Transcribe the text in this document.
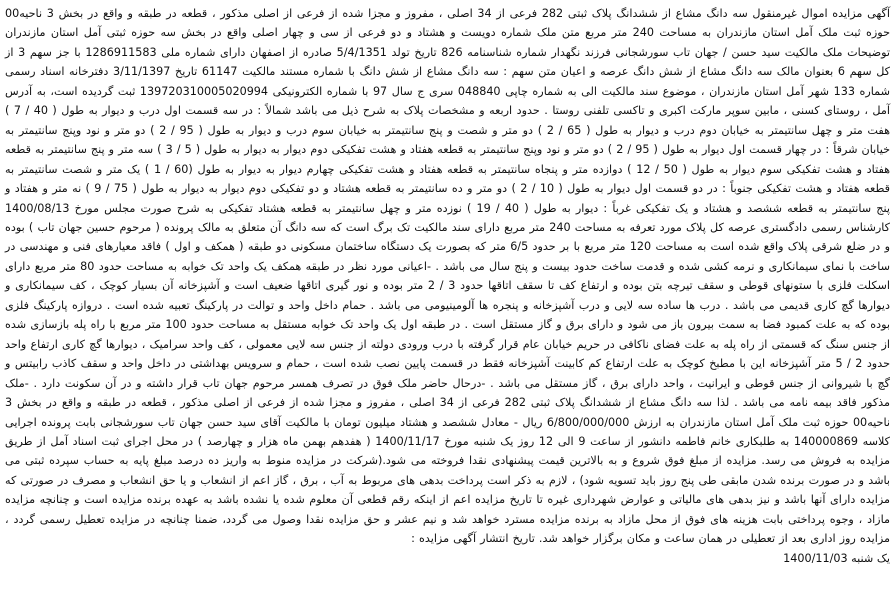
آگهی مزایده اموال غیرمنقول سه دانگ مشاع از ششدانگ پلاک ثبتی 282 فرعی از 34 اصلی ، مفروز و مجزا شده از فرعی از اصلی مذکور ، قطعه در طبقه و واقع در بخش 3 ناحیه00 حوزه ثبت ملک آمل استان مازندران به مساحت 240 متر مربع متن ملک شماره دویست و هشتاد و دو فرعی از سی و چهار اصلی واقع در بخش سه حوزه ثبتی آمل استان مازندران توضیحات ملک مالکیت سید حسن / جهان تاب سورشجانی فرزند نگهدار شماره شناسنامه 826 تاریخ تولد 5/4/1351 صادره از اصفهان دارای شماره ملی 1286911583 با جز سهم 3 از کل سهم 6 بعنوان مالک سه دانگ مشاع از شش دانگ عرصه و اعیان متن سهم : سه دانگ مشاع از شش دانگ با شماره مستند مالکیت 61147 تاریخ 3/11/1397 دفترخانه اسناد رسمی شماره 133 شهر آمل استان مازندران ، موضوع سند مالکیت الی به شماره چاپی 048840 سری ج سال 97 با شماره الکترونیکی 139720310005020994 ثبت گردیده است، به آدرس آمل ، روستای کسنی ، مابین سوپر مارکت اکبری و تاکسی تلفنی روستا . حدود اربعه و مشخصات پلاک به شرح ذیل می باشد شمالاً : در سه قسمت اول درب و دیوار به طول ( 40 / 7 ) هفت متر و چهل سانتیمتر به خیابان دوم درب و دیوار به طول ( 65 / 2 ) دو متر و شصت و پنج سانتیمتر به خیابان سوم درب و دیوار به طول ( 95 / 2 ) دو متر و نود وپنج سانتیمتر به خیابان شرقاً : در چهار قسمت اول دیوار به طول ( 95 / 2 ) دو متر و نود وپنج سانتیمتر به قطعه هفتاد و هشت تفکیکی دوم دیوار به دیوار به طول ( 5 / 3 ) سه متر و پنج سانتیمتر به قطعه هفتاد و هشت تفکیکی سوم دیوار به طول ( 50 / 12 ) دوازده متر و پنجاه سانتیمتر به قطعه هفتاد و هشت تفکیکی چهارم دیوار به دیوار به طول (60 / 1 ) یک متر و شصت سانتیمتر به قطعه هفتاد و هشت تفکیکی جنوباً : در دو قسمت اول دیوار به طول ( 10 / 2 ) دو متر و ده سانتیمتر به قطعه هشتاد و دو تفکیکی دوم دیوار به دیوار به طول ( 75 / 9 ) نه متر و هفتاد و پنج سانتیمتر به قطعه ششصد و هشتاد و یک تفکیکی غرباً : دیوار به طول ( 40 / 19 ) نوزده متر و چهل سانتیمتر به قطعه هشتاد تفکیکی به شرح صورت مجلس مورخ 1400/08/13 کارشناس رسمی دادگستری عرصه کل پلاک مورد تعرفه به مساحت 240 متر مربع دارای سند مالکیت تک برگ است که سه دانگ آن متعلق به مالک پرونده ( مرحوم حسین جهان تاب ) بوده و در ضلع شرقی پلاک واقع شده است به مساحت 120 متر مربع با بر حدود 6/5 متر که بصورت یک دستگاه ساختمان مسکونی دو طبقه ( همکف و اول ) فاقد معیارهای فنی و مهندسی در ساخت با نمای سیمانکاری و نرمه کشی شده و قدمت ساخت حدود بیست و پنج سال می باشد . -اعیانی مورد نظر در طبقه همکف یک واحد تک خوابه به مساحت حدود 80 متر مربع دارای اسکلت فلزی با ستونهای قوطی و سقف تیرچه بتن بوده و ارتفاع کف تا سقف اتاقها حدود 3 / 2 متر بوده و نور گیری اتاقها ضعیف است و آشپزخانه آن بسیار کوچک ، کف سیمانکاری و دیوارها گچ کاری قدیمی می باشد . درب ها ساده سه لایی و درب آشپزخانه و پنجره ها آلومینیومی می باشد . حمام داخل واحد و توالت در پارکینگ تعبیه شده است . دروازه پارکینگ فلزی بوده که به علت کمبود فضا به سمت بیرون باز می شود و دارای برق و گاز مستقل است . در طبقه اول یک واحد تک خوابه مستقل به مساحت حدود 100 متر مربع با راه پله بازسازی شده از جنس سنگ که قسمتی از راه پله به علت فضای ناکافی در حریم خیابان عام قرار گرفته با درب ورودی دولته از جنس سه لایی معمولی ، کف واحد سرامیک ، دیوارها گچ کاری ارتفاع واحد حدود 2 / 5 متر آشپزخانه این با مطبخ کوچک به علت ارتفاع کم کابینت آشپزخانه فقط در قسمت پایین نصب شده است ، حمام و سرویس بهداشتی در داخل واحد و سقف کاذب رابیتس و گچ با شیروانی از جنس قوطی و ایرانیت ، واحد دارای برق ، گاز مستقل می باشد . -درحال حاضر ملک فوق در تصرف همسر مرحوم جهان تاب قرار داشته و در آن سکونت دارد . -ملک مذکور فاقد بیمه نامه می باشد . لذا سه دانگ مشاع از ششدانگ پلاک ثبتی 282 فرعی از 34 اصلی ، مفروز و مجزا شده از فرعی از اصلی مذکور ، قطعه در طبقه و واقع در بخش 3 ناحیه00 حوزه ثبت ملک آمل استان مازندران به ارزش 6/800/000/000 ریال - معادل ششصد و هشتاد میلیون تومان با مالکیت آقای سید حسن جهان تاب سورشجانی بابت پرونده اجرایی کلاسه 140000869 به طلبکاری خانم فاطمه دانشور از ساعت 9 الی 12 روز یک شنبه مورخ 1400/11/17 ( هفدهم بهمن ماه هزار و چهارصد ) در محل اجرای ثبت اسناد آمل از طریق مزایده به فروش می رسد. مزایده از مبلغ فوق شروع و به بالاترین قیمت پیشنهادی نقدا فروخته می شود.(شرکت در مزایده منوط به واریز ده درصد مبلغ پایه به حساب سپرده ثبتی می باشد و در صورت برنده شدن مابقی طی پنج روز باید تسویه شود) ، لازم به ذکر است پرداخت بدهی های مربوط به آب ، برق ، گاز اعم از انشعاب و یا حق انشعاب و مصرف در صورتی که مزایده دارای آنها باشد و نیز بدهی های مالیاتی و عوارض شهرداری غیره تا تاریخ مزایده اعم از اینکه رقم قطعی آن معلوم شده یا نشده باشد به عهده برنده مزایده است و چنانچه مزایده مازاد ، وجوه پرداختی بابت هزینه های فوق از محل مازاد به برنده مزایده مسترد خواهد شد و نیم عشر و حق مزایده نقدا وصول می گردد، ضمنا چنانچه در مزایده تعطیل رسمی گردد ، مزایده روز اداری بعد از تعطیلی در همان ساعت و مکان برگزار خواهد شد. تاریخ انتشار آگهی مزایده :

یک شنبه 1400/11/03
